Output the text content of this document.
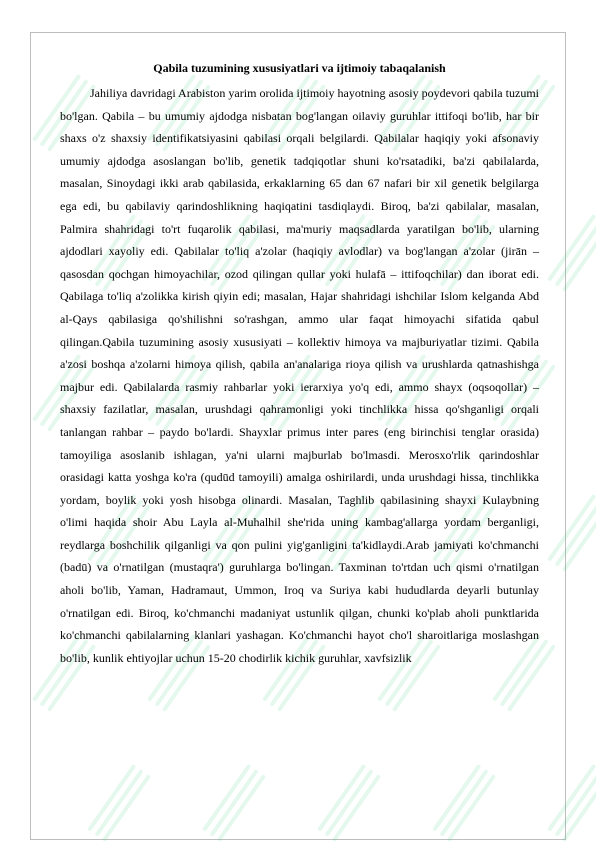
Qabila tuzumining xususiyatlari va ijtimoiy tabaqalanish

Jahiliya davridagi Arabiston yarim orolida ijtimoiy hayotning asosiy poydevori qabila tuzumi bo'lgan. Qabila – bu umumiy ajdodga nisbatan bog'langan oilaviy guruhlar ittifoqi bo'lib, har bir shaxs o'z shaxsiy identifikatsiyasini qabilasi orqali belgilardi. Qabilalar haqiqiy yoki afsonaviy umumiy ajdodga asoslangan bo'lib, genetik tadqiqotlar shuni ko'rsatadiki, ba'zi qabilalarda, masalan, Sinoydagi ikki arab qabilasida, erkaklarning 65 dan 67 nafari bir xil genetik belgilarga ega edi, bu qabilaviy qarindoshlikning haqiqatini tasdiqlaydi. Biroq, ba'zi qabilalar, masalan, Palmira shahridagi to'rt fuqarolik qabilasi, ma'muriy maqsadlarda yaratilgan bo'lib, ularning ajdodlari xayoliy edi. Qabilalar to'liq a'zolar (haqiqiy avlodlar) va bog'langan a'zolar (jirān – qasosdan qochgan himoyachilar, ozod qilingan qullar yoki hulafā – ittifoqchilar) dan iborat edi. Qabilaga to'liq a'zolikka kirish qiyin edi; masalan, Hajar shahridagi ishchilar Islom kelganda Abd al-Qays qabilasiga qo'shilishni so'rashgan, ammo ular faqat himoyachi sifatida qabul qilingan.Qabila tuzumining asosiy xususiyati – kollektiv himoya va majburiyatlar tizimi. Qabila a'zosi boshqa a'zolarni himoya qilish, qabila an'analariga rioya qilish va urushlarda qatnashishga majbur edi. Qabilalarda rasmiy rahbarlar yoki ierarxiya yo'q edi, ammo shayx (oqsoqollar) – shaxsiy fazilatlar, masalan, urushdagi qahramonligi yoki tinchlikka hissa qo'shganligi orqali tanlangan rahbar – paydo bo'lardi. Shayxlar primus inter pares (eng birinchisi tenglar orasida) tamoyiliga asoslanib ishlagan, ya'ni ularni majburlab bo'lmasdi. Merosxo'rlik qarindoshlar orasidagi katta yoshga ko'ra (qudūd tamoyili) amalga oshirilardi, unda urushdagi hissa, tinchlikka yordam, boylik yoki yosh hisobga olinardi. Masalan, Taghlib qabilasining shayxi Kulaybning o'limi haqida shoir Abu Layla al-Muhalhil she'rida uning kambag'allarga yordam berganligi, reydlarga boshchilik qilganligi va qon pulini yig'ganligini ta'kidlaydi.Arab jamiyati ko'chmanchi (badū) va o'rnatilgan (mustaqra') guruhlarga bo'lingan. Taxminan to'rtdan uch qismi o'rnatilgan aholi bo'lib, Yaman, Hadramaut, Ummon, Iroq va Suriya kabi hududlarda deyarli butunlay o'rnatilgan edi. Biroq, ko'chmanchi madaniyat ustunlik qilgan, chunki ko'plab aholi punktlarida ko'chmanchi qabilalarning klanlari yashagan. Ko'chmanchi hayot cho'l sharoitlariga moslashgan bo'lib, kunlik ehtiyojlar uchun 15-20 chodirlik kichik guruhlar, xavfsizlik
